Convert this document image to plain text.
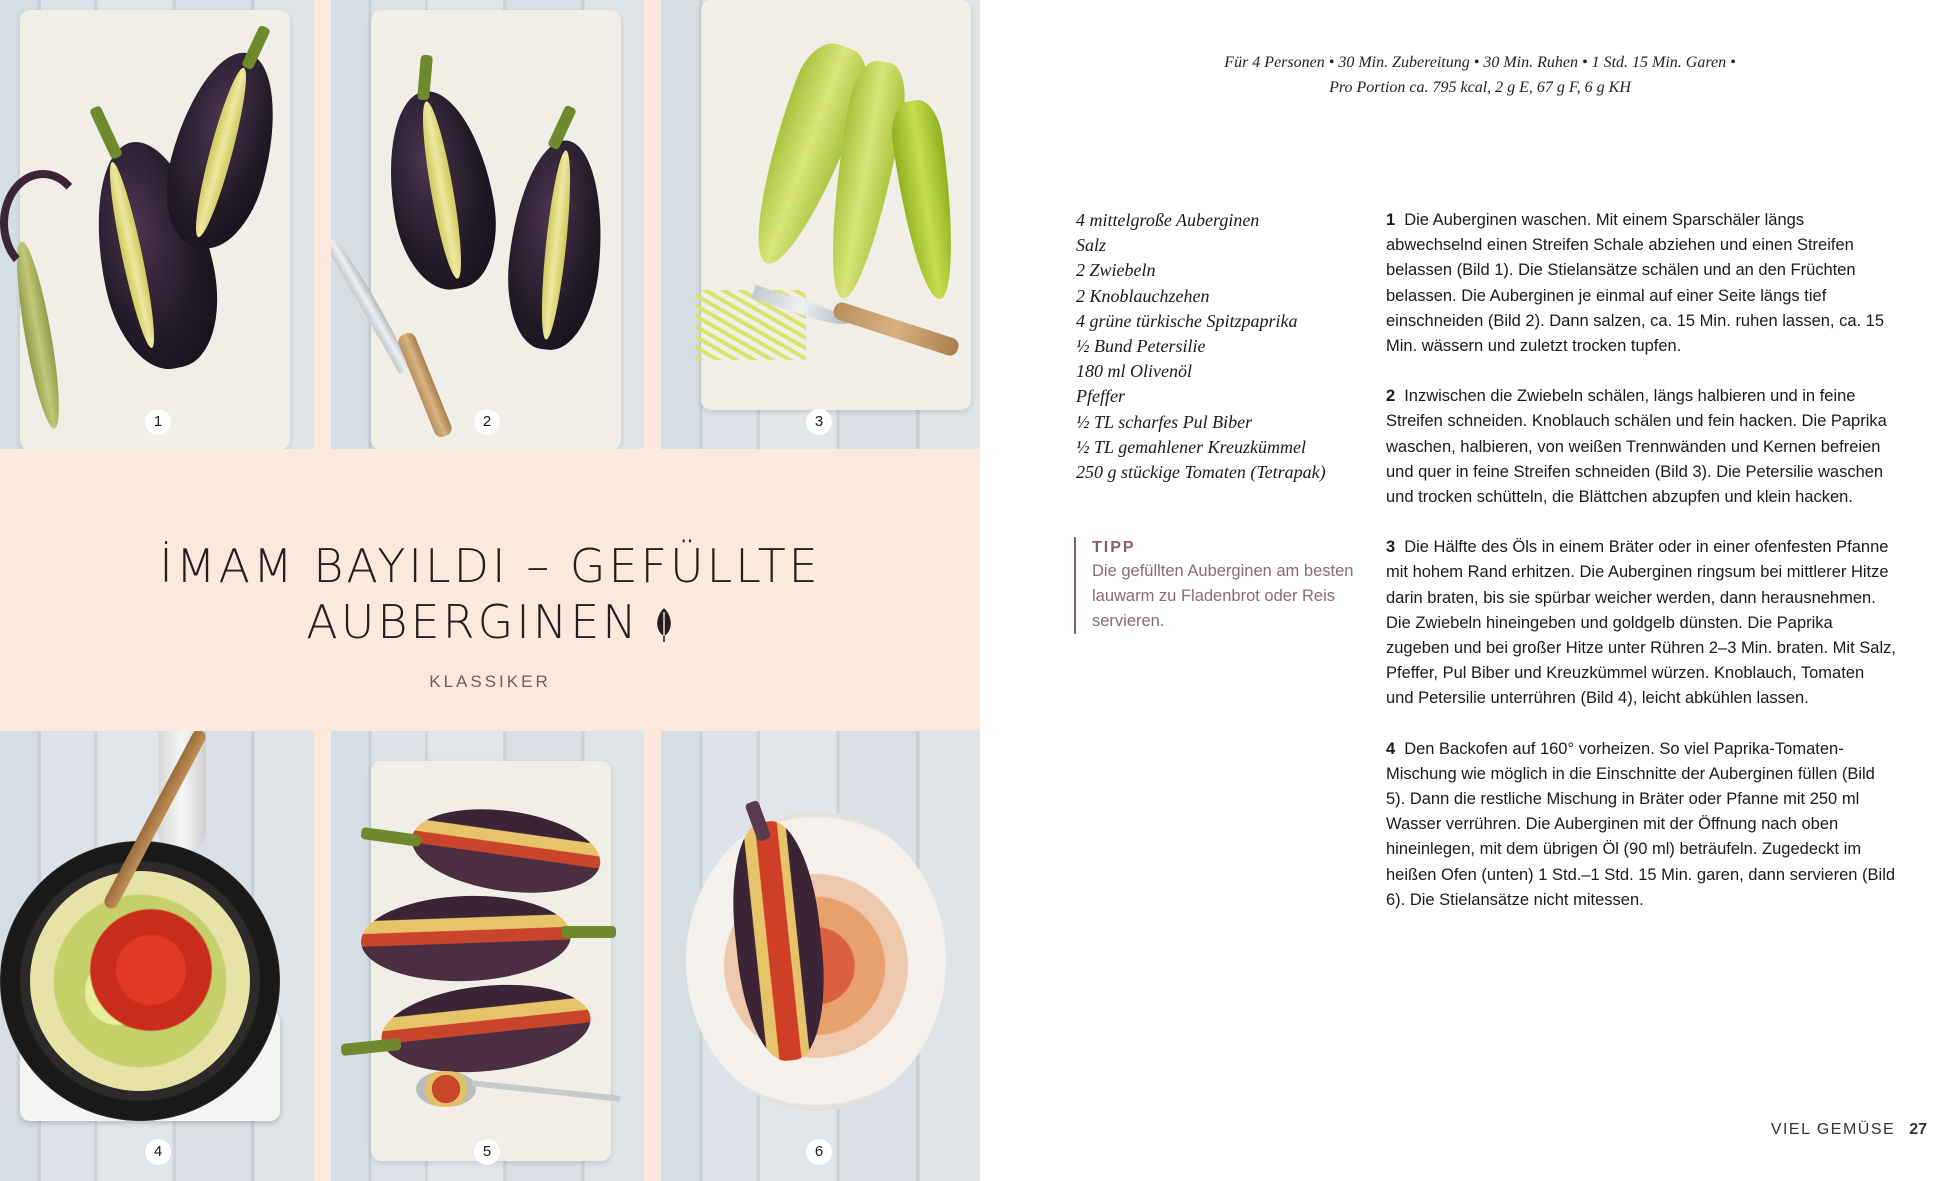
1	2	3
İMAM BAYILDI – GEFÜLLTE
AUBERGINEN
KLASSIKER
4	5	6
Für 4 Personen • 30 Min. Zubereitung • 30 Min. Ruhen • 1 Std. 15 Min. Garen •
Pro Portion ca. 795 kcal, 2 g E, 67 g F, 6 g KH
4 mittelgroße Auberginen
Salz
2 Zwiebeln
2 Knoblauchzehen
4 grüne türkische Spitzpaprika
½ Bund Petersilie
180 ml Olivenöl
Pfeffer
½ TL scharfes Pul Biber
½ TL gemahlener Kreuzkümmel
250 g stückige Tomaten (Tetrapak)
TIPP
Die gefüllten Auberginen am besten lauwarm zu Fladenbrot oder Reis servieren.

1 Die Auberginen waschen. Mit einem Sparschäler längs abwechselnd einen Streifen Schale abziehen und einen Streifen belassen (Bild 1). Die Stielansätze schälen und an den Früchten belassen. Die Auberginen je einmal auf einer Seite längs tief einschneiden (Bild 2). Dann salzen, ca. 15 Min. ruhen lassen, ca. 15 Min. wässern und zuletzt trocken tupfen.

2 Inzwischen die Zwiebeln schälen, längs halbieren und in feine Streifen schneiden. Knoblauch schälen und fein hacken. Die Paprika waschen, halbieren, von weißen Trennwänden und Kernen befreien und quer in feine Streifen schneiden (Bild 3). Die Petersilie waschen und trocken schütteln, die Blättchen abzupfen und klein hacken.

3 Die Hälfte des Öls in einem Bräter oder in einer ofenfesten Pfanne mit hohem Rand erhitzen. Die Auberginen ringsum bei mittlerer Hitze darin braten, bis sie spürbar weicher werden, dann herausnehmen. Die Zwiebeln hineingeben und goldgelb dünsten. Die Paprika zugeben und bei großer Hitze unter Rühren 2–3 Min. braten. Mit Salz, Pfeffer, Pul Biber und Kreuzkümmel würzen. Knoblauch, Tomaten und Petersilie unterrühren (Bild 4), leicht abkühlen lassen.

4 Den Backofen auf 160° vorheizen. So viel Paprika-Tomaten-Mischung wie möglich in die Einschnitte der Auberginen füllen (Bild 5). Dann die restliche Mischung in Bräter oder Pfanne mit 250 ml Wasser verrühren. Die Auberginen mit der Öffnung nach oben hineinlegen, mit dem übrigen Öl (90 ml) beträufeln. Zugedeckt im heißen Ofen (unten) 1 Std.–1 Std. 15 Min. garen, dann servieren (Bild 6). Die Stielansätze nicht mitessen.

VIEL GEMÜSE 27
